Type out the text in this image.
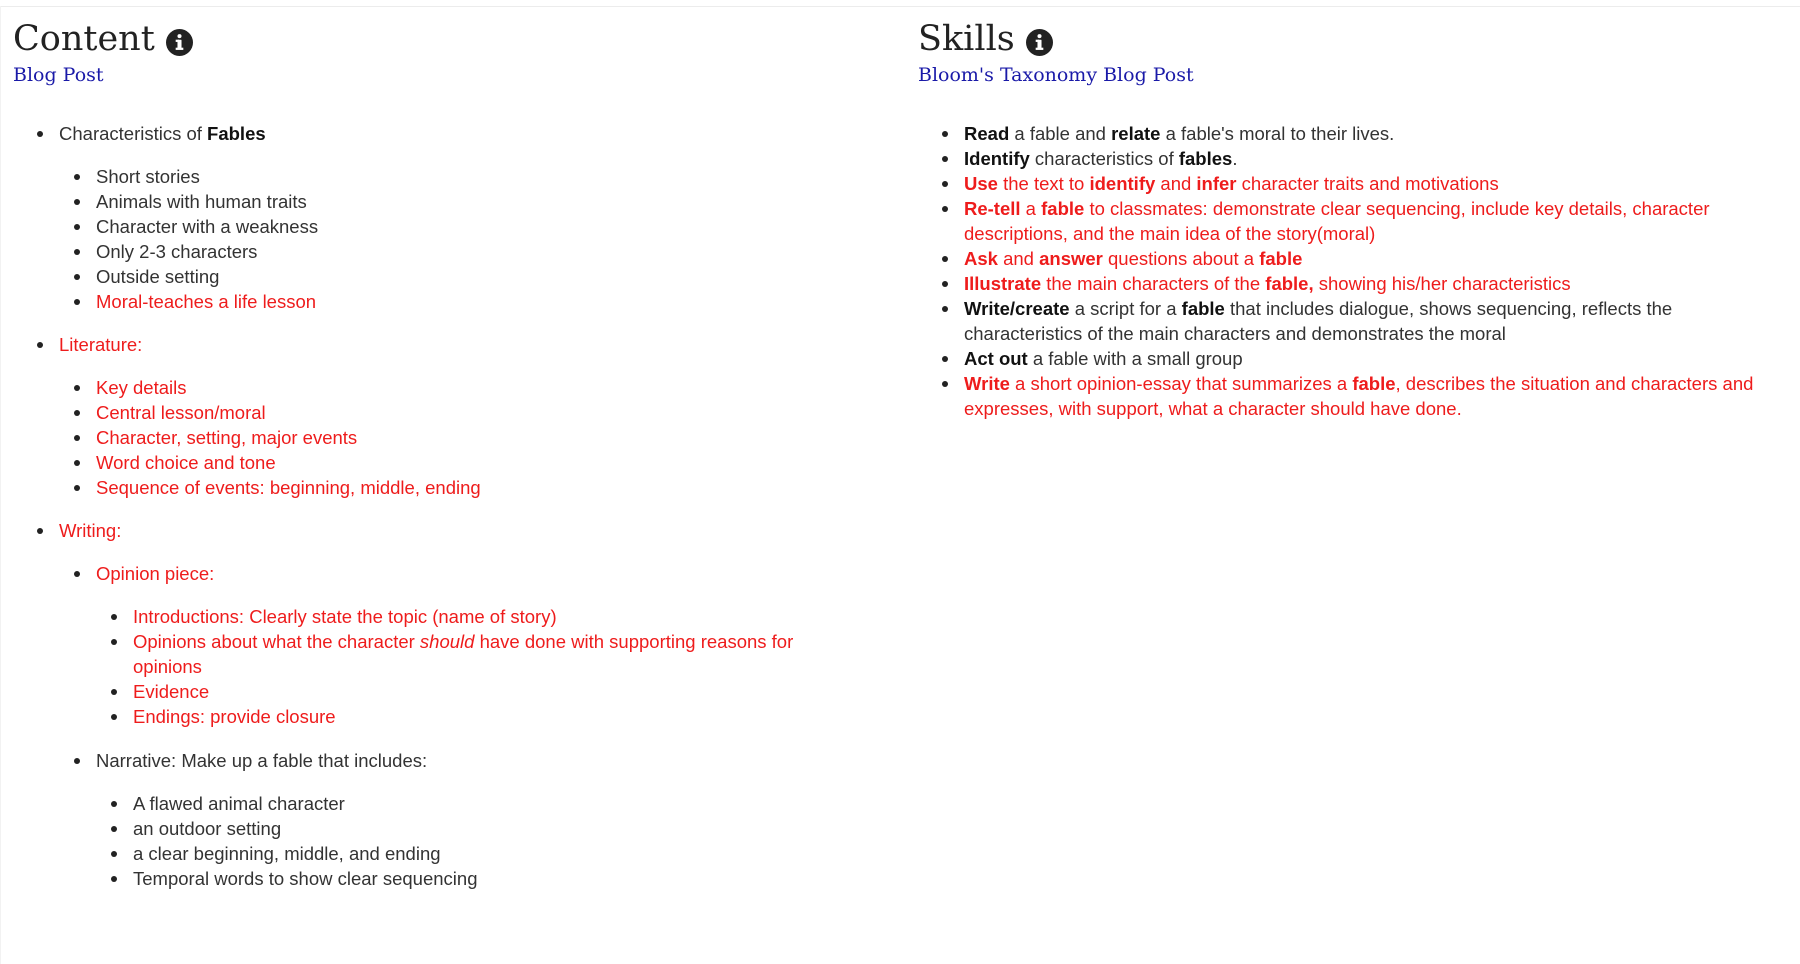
Content
Blog Post
Characteristics of Fables
Short stories
Animals with human traits
Character with a weakness
Only 2-3 characters
Outside setting
Moral-teaches a life lesson
Literature:
Key details
Central lesson/moral
Character, setting, major events
Word choice and tone
Sequence of events: beginning, middle, ending
Writing:
Opinion piece:
Introductions: Clearly state the topic (name of story)
Opinions about what the character should have done with supporting reasons for opinions
Evidence
Endings: provide closure
Narrative: Make up a fable that includes:
A flawed animal character
an outdoor setting
a clear beginning, middle, and ending
Temporal words to show clear sequencing
Skills
Bloom's Taxonomy Blog Post
Read a fable and relate a fable's moral to their lives.
Identify characteristics of fables.
Use the text to identify and infer character traits and motivations
Re-tell a fable to classmates: demonstrate clear sequencing, include key details, character descriptions, and the main idea of the story(moral)
Ask and answer questions about a fable
Illustrate the main characters of the fable, showing his/her characteristics
Write/create a script for a fable that includes dialogue, shows sequencing, reflects the characteristics of the main characters and demonstrates the moral
Act out a fable with a small group
Write a short opinion-essay that summarizes a fable, describes the situation and characters and expresses, with support, what a character should have done.
